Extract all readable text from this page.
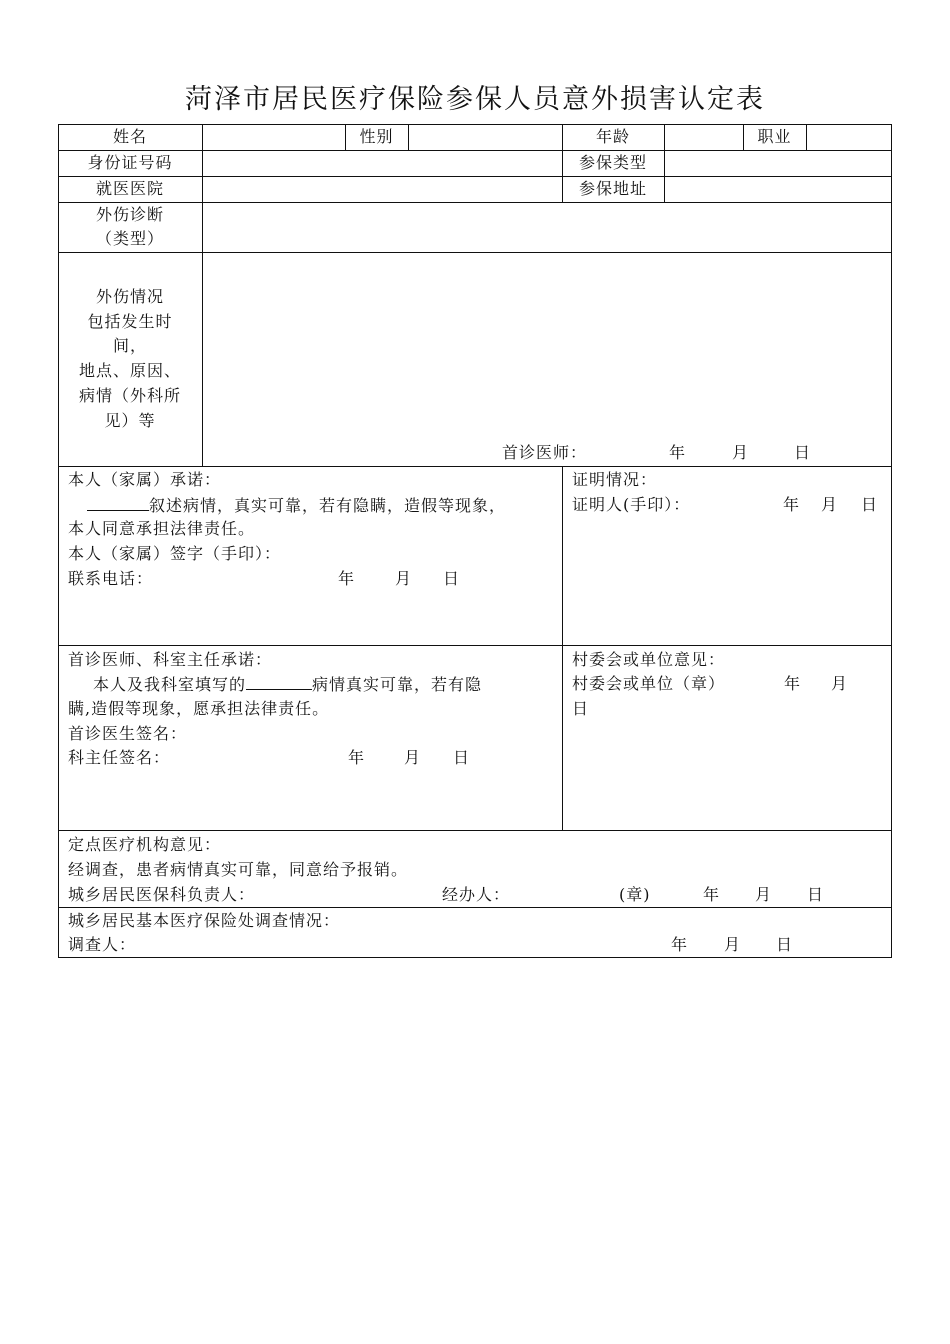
菏泽市居民医疗保险参保人员意外损害认定表
姓名	性别	年龄	职业
身份证号码	参保类型
就医医院	参保地址
外伤诊断
（类型）
外伤情况
包括发生时
间，
地点、原因、
病情（外科所
见）等
首诊医师：	年	月	日
本人（家属）承诺：
叙述病情，真实可靠，若有隐瞒，造假等现象，
本人同意承担法律责任。
本人（家属）签字（手印）：
联系电话：	年 月 日
证明情况：
证明人(手印）：	年 月 日
首诊医师、科室主任承诺：
本人及我科室填写的	病情真实可靠，若有隐
瞒,造假等现象，愿承担法律责任。
首诊医生签名：
科主任签名：	年 月 日
村委会或单位意见：
村委会或单位（章）	年 月
日
定点医疗机构意见：
经调查，患者病情真实可靠，同意给予报销。
城乡居民医保科负责人：	经办人：	(章)	年 月 日
城乡居民基本医疗保险处调查情况：
调查人：	年 月 日
